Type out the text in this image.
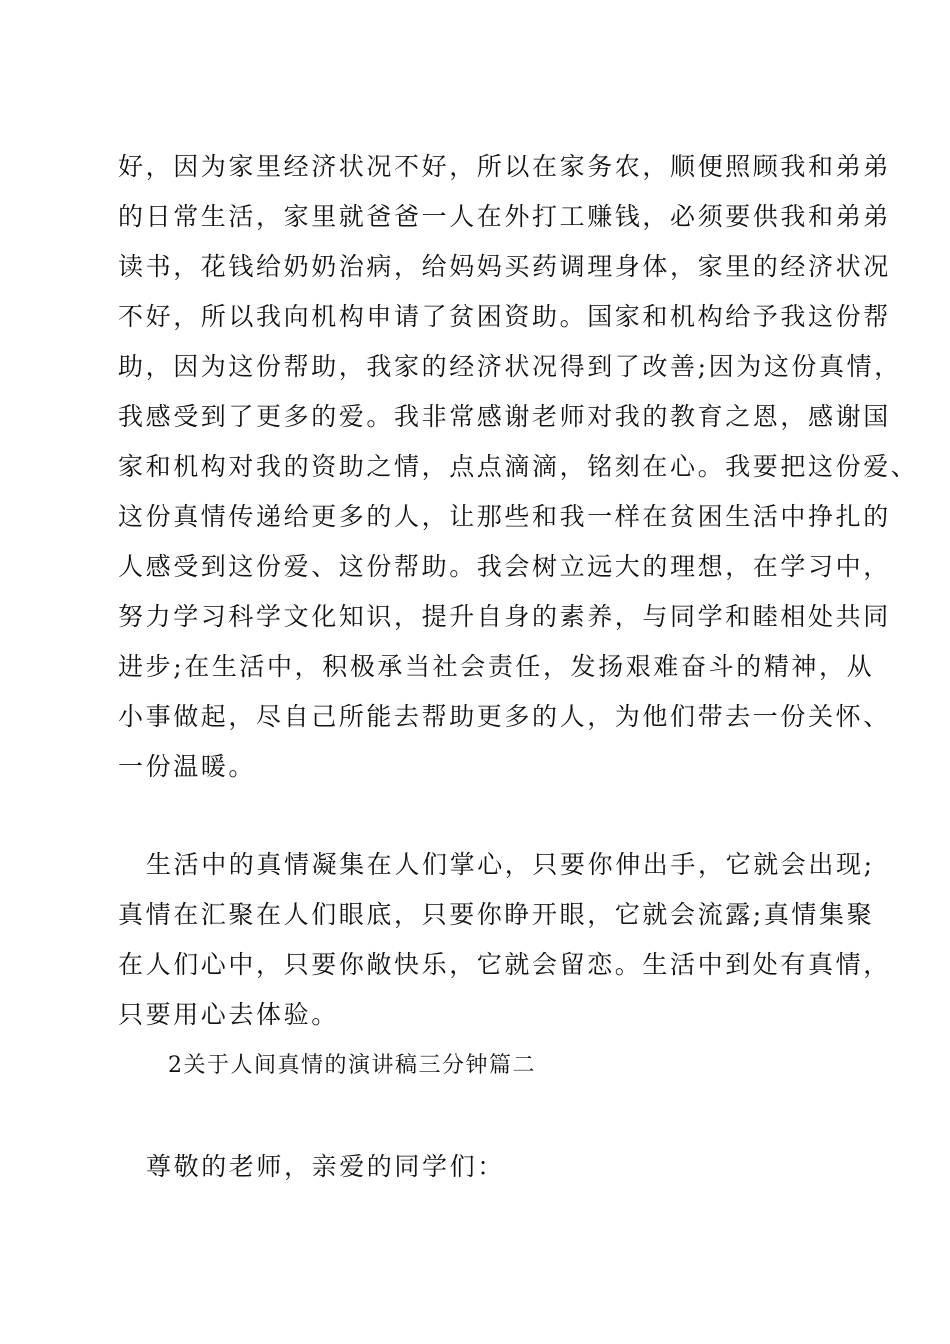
好，因为家里经济状况不好，所以在家务农，顺便照顾我和弟弟
的日常生活，家里就爸爸一人在外打工赚钱，必须要供我和弟弟
读书，花钱给奶奶治病，给妈妈买药调理身体，家里的经济状况
不好，所以我向机构申请了贫困资助。国家和机构给予我这份帮
助，因为这份帮助，我家的经济状况得到了改善;因为这份真情，
我感受到了更多的爱。我非常感谢老师对我的教育之恩，感谢国
家和机构对我的资助之情，点点滴滴，铭刻在心。我要把这份爱、
这份真情传递给更多的人，让那些和我一样在贫困生活中挣扎的
人感受到这份爱、这份帮助。我会树立远大的理想，在学习中，
努力学习科学文化知识，提升自身的素养，与同学和睦相处共同
进步;在生活中，积极承当社会责任，发扬艰难奋斗的精神，从
小事做起，尽自己所能去帮助更多的人，为他们带去一份关怀、
一份温暖。
生活中的真情凝集在人们掌心，只要你伸出手，它就会出现;
真情在汇聚在人们眼底，只要你睁开眼，它就会流露;真情集聚
在人们心中，只要你敞快乐，它就会留恋。生活中到处有真情，
只要用心去体验。
2关于人间真情的演讲稿三分钟篇二
尊敬的老师，亲爱的同学们：
